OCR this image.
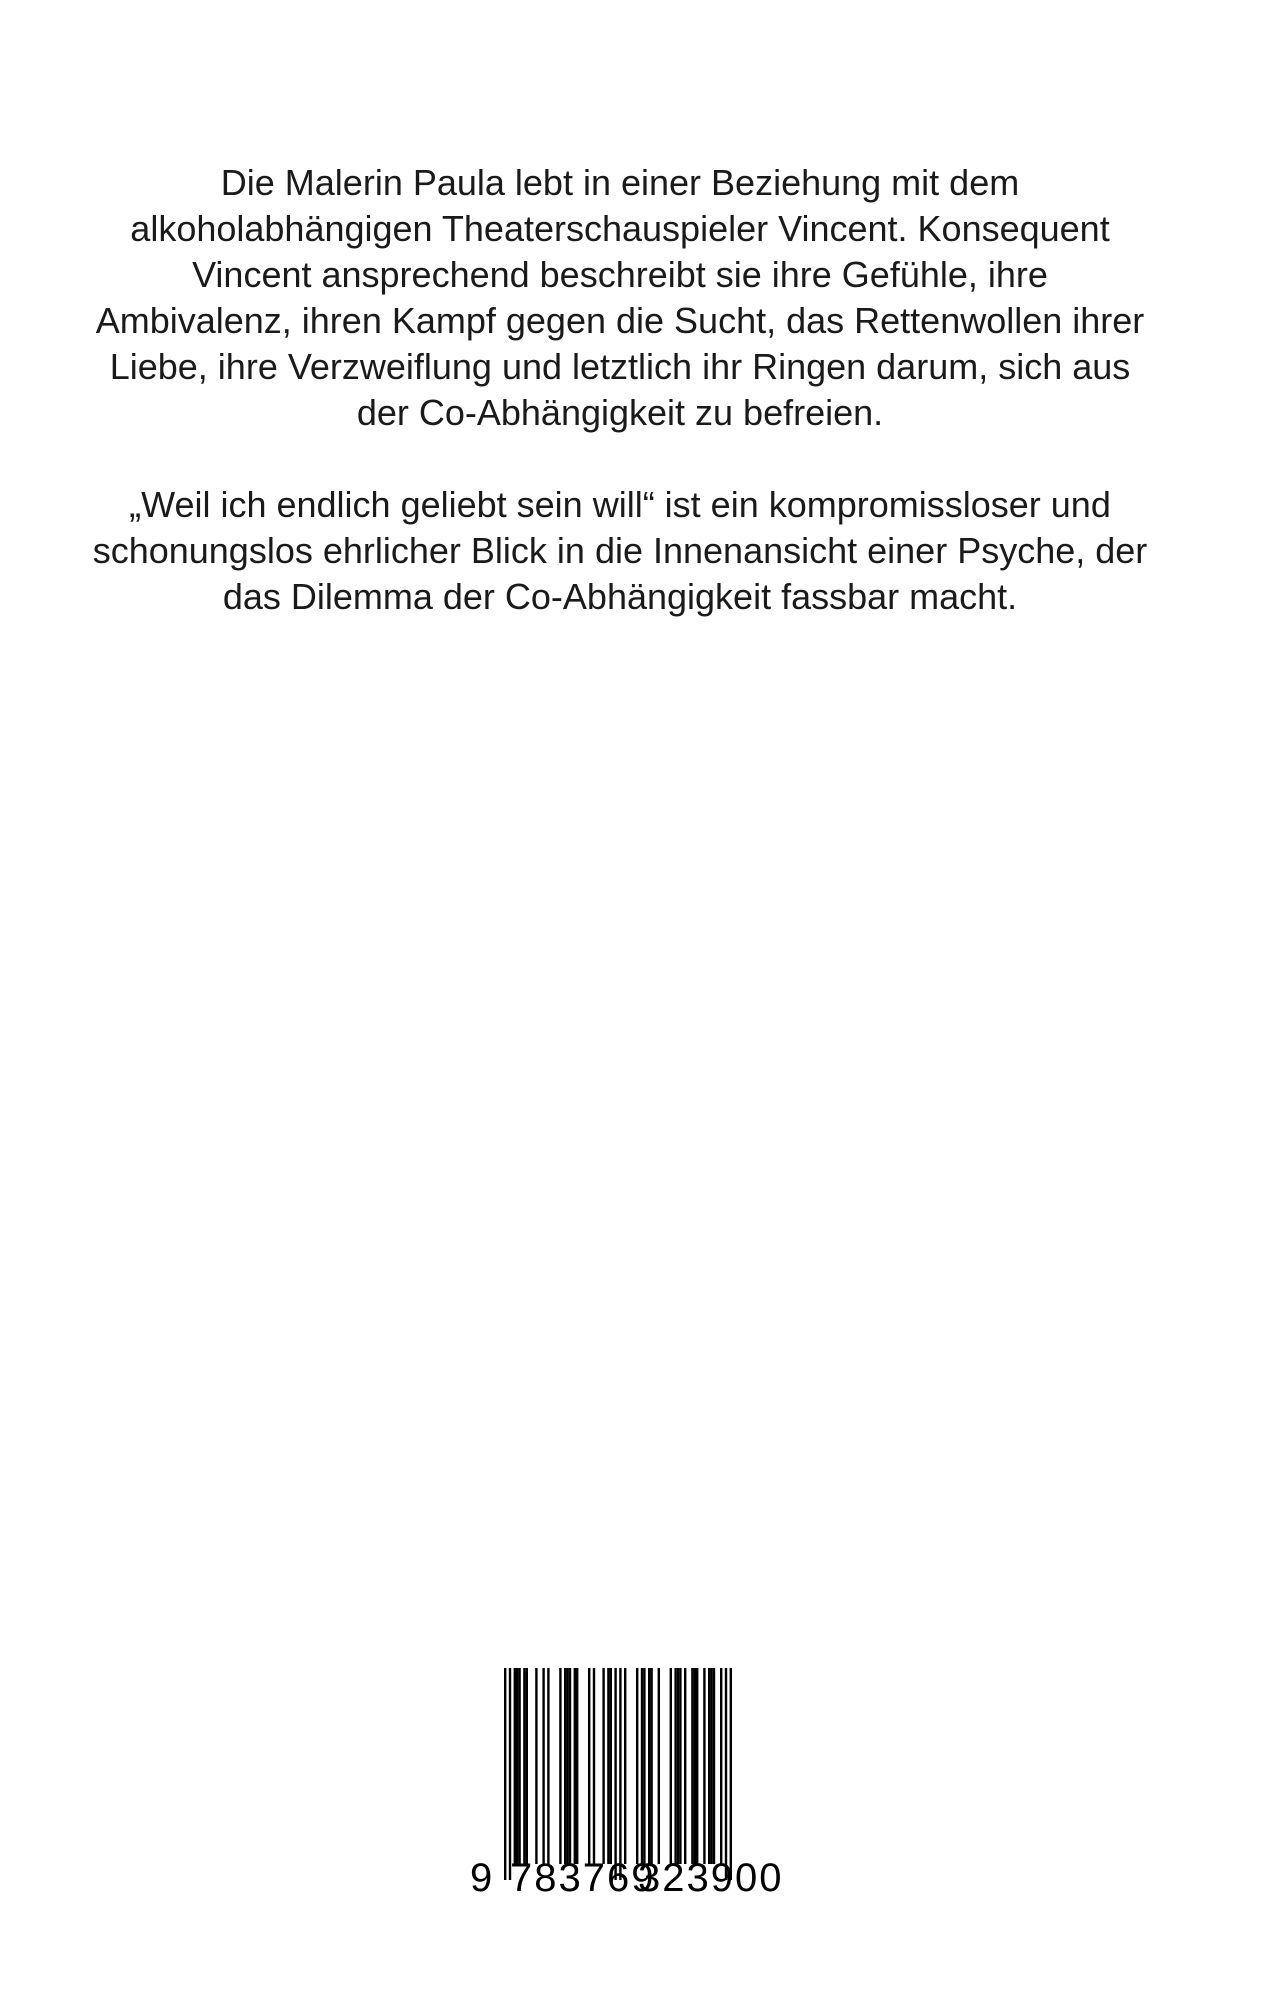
Die Malerin Paula lebt in einer Beziehung mit dem
alkoholabhängigen Theaterschauspieler Vincent. Konsequent
Vincent ansprechend beschreibt sie ihre Gefühle, ihre
Ambivalenz, ihren Kampf gegen die Sucht, das Rettenwollen ihrer
Liebe, ihre Verzweiflung und letztlich ihr Ringen darum, sich aus
der Co-Abhängigkeit zu befreien.
„Weil ich endlich geliebt sein will“ ist ein kompromissloser und
schonungslos ehrlicher Blick in die Innenansicht einer Psyche, der
das Dilemma der Co-Abhängigkeit fassbar macht.
9 783769
323900
